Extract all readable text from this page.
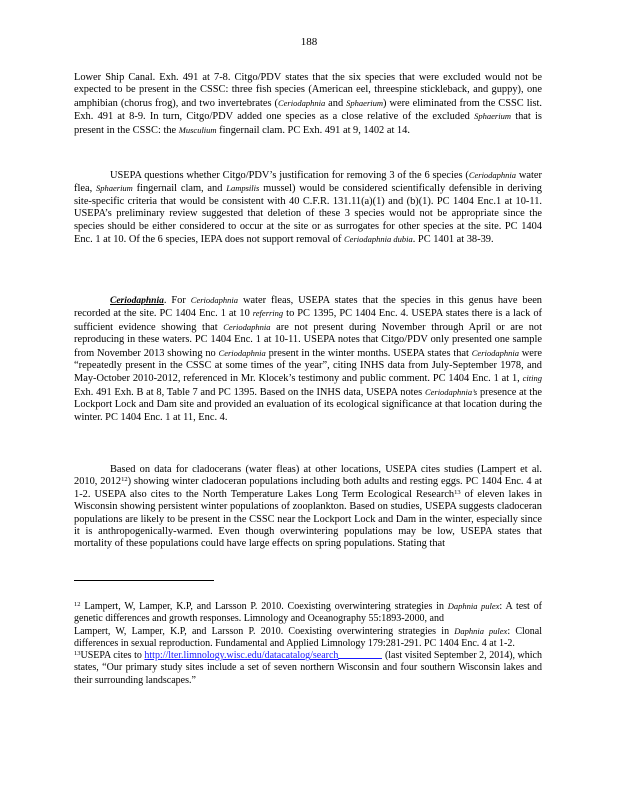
188

Lower Ship Canal. Exh. 491 at 7-8. Citgo/PDV states that the six species that were excluded would not be expected to be present in the CSSC: three fish species (American eel, threespine stickleback, and guppy), one amphibian (chorus frog), and two invertebrates (Ceriodaphnia and Sphaerium) were eliminated from the CSSC list. Exh. 491 at 8-9. In turn, Citgo/PDV added one species as a close relative of the excluded Sphaerium that is present in the CSSC: the Musculium fingernail clam. PC Exh. 491 at 9, 1402 at 14.

USEPA questions whether Citgo/PDV’s justification for removing 3 of the 6 species (Ceriodaphnia water flea, Sphaerium fingernail clam, and Lampsilis mussel) would be considered scientifically defensible in deriving site-specific criteria that would be consistent with 40 C.F.R. 131.11(a)(1) and (b)(1). PC 1404 Enc.1 at 10-11. USEPA’s preliminary review suggested that deletion of these 3 species would not be appropriate since the species should be either considered to occur at the site or as surrogates for other species at the site. PC 1404 Enc. 1 at 10. Of the 6 species, IEPA does not support removal of Ceriodaphnia dubia. PC 1401 at 38-39.

Ceriodaphnia. For Ceriodaphnia water fleas, USEPA states that the species in this genus have been recorded at the site. PC 1404 Enc. 1 at 10 referring to PC 1395, PC 1404 Enc. 4. USEPA states there is a lack of sufficient evidence showing that Ceriodaphnia are not present during November through April or are not reproducing in these waters. PC 1404 Enc. 1 at 10-11. USEPA notes that Citgo/PDV only presented one sample from November 2013 showing no Ceriodaphnia present in the winter months. USEPA states that Ceriodaphnia were “repeatedly present in the CSSC at some times of the year”, citing INHS data from July-September 1978, and May-October 2010-2012, referenced in Mr. Klocek’s testimony and public comment. PC 1404 Enc. 1 at 1, citing Exh. 491 Exh. B at 8, Table 7 and PC 1395. Based on the INHS data, USEPA notes Ceriodaphnia’s presence at the Lockport Lock and Dam site and provided an evaluation of its ecological significance at that location during the winter. PC 1404 Enc. 1 at 11, Enc. 4.

Based on data for cladocerans (water fleas) at other locations, USEPA cites studies (Lampert et al. 2010, 2012$^{12}$) showing winter cladoceran populations including both adults and resting eggs. PC 1404 Enc. 4 at 1-2. USEPA also cites to the North Temperature Lakes Long Term Ecological Research$^{13}$ of eleven lakes in Wisconsin showing persistent winter populations of zooplankton. Based on studies, USEPA suggests cladoceran populations are likely to be present in the CSSC near the Lockport Lock and Dam in the winter, especially since it is anthropogenically-warmed. Even though overwintering populations may be low, USEPA states that mortality of these populations could have large effects on spring populations. Stating that

$^{12}$ Lampert, W, Lamper, K.P, and Larsson P. 2010. Coexisting overwintering strategies in Daphnia pulex: A test of genetic differences and growth responses. Limnology and Oceanography 55:1893-2000, and

Lampert, W, Lamper, K.P, and Larsson P. 2010. Coexisting overwintering strategies in Daphnia pulex: Clonal differences in sexual reproduction. Fundamental and Applied Limnology 179:281-291. PC 1404 Enc. 4 at 1-2.

$^{13}$USEPA cites to http://lter.limnology.wisc.edu/datacatalog/search	(last visited September 2, 2014), which states, “Our primary study sites include a set of seven northern Wisconsin and four southern Wisconsin lakes and their surrounding landscapes.”
